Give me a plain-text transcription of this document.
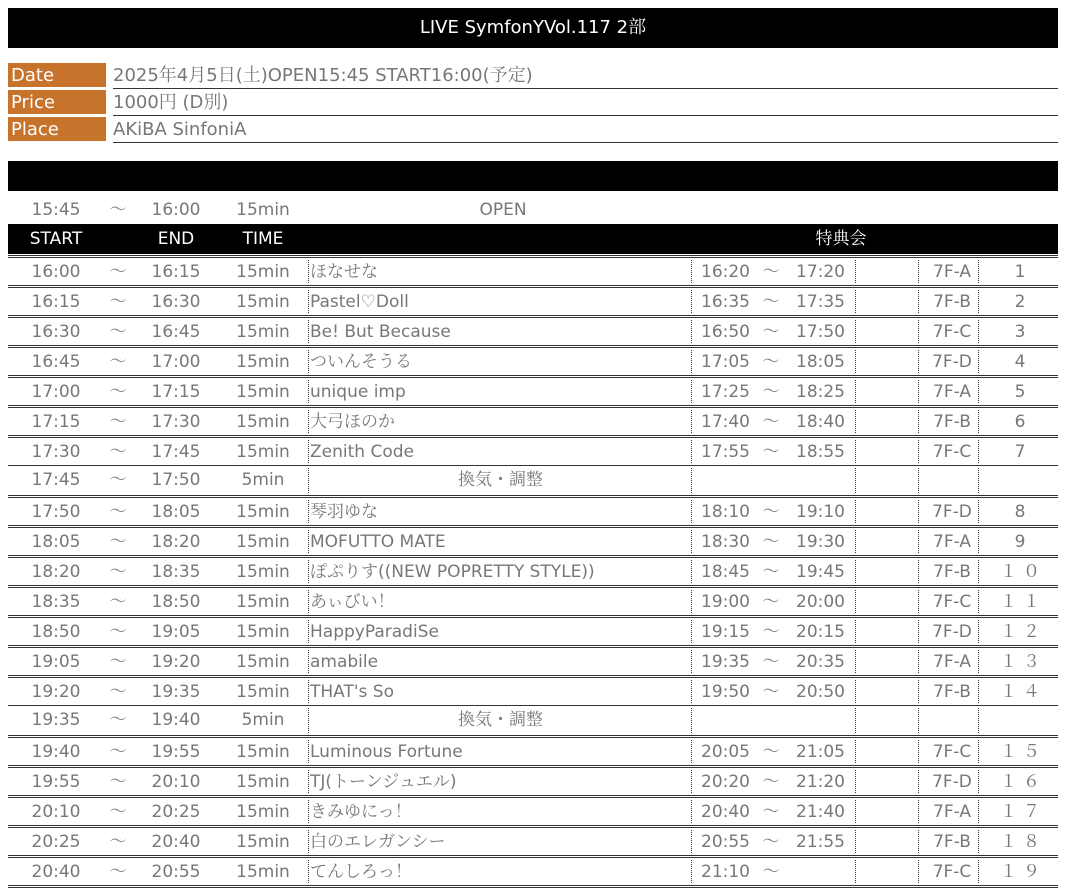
LIVE SymfonYVol.117 2部
Date	2025年4月5日(土)OPEN15:45 START16:00(予定)
Price	1000円 (D別)
Place	AKiBA SinfoniA
15:45	～	16:00	15min	OPEN
START	END	TIME	特典会
16:00	～	16:15	15min	ほなせな	16:20 ～ 17:20	7F-A	1
16:15	～	16:30	15min	Pastel♡Doll	16:35 ～ 17:35	7F-B	2
16:30	～	16:45	15min	Be! But Because	16:50 ～ 17:50	7F-C	3
16:45	～	17:00	15min	ついんそうる	17:05 ～ 18:05	7F-D	4
17:00	～	17:15	15min	unique imp	17:25 ～ 18:25	7F-A	5
17:15	～	17:30	15min	大弓ほのか	17:40 ～ 18:40	7F-B	6
17:30	～	17:45	15min	Zenith Code	17:55 ～ 18:55	7F-C	7
17:45	～	17:50	5min	換気・調整
17:50	～	18:05	15min	琴羽ゆな	18:10 ～ 19:10	7F-D	8
18:05	～	18:20	15min	MOFUTTO MATE	18:30 ～ 19:30	7F-A	9
18:20	～	18:35	15min	ぽぷりす((NEW POPRETTY STYLE))	18:45 ～ 19:45	7F-B	１０
18:35	～	18:50	15min	あぃびい！	19:00 ～ 20:00	7F-C	１１
18:50	～	19:05	15min	HappyParadiSe	19:15 ～ 20:15	7F-D	１２
19:05	～	19:20	15min	amabile	19:35 ～ 20:35	7F-A	１３
19:20	～	19:35	15min	THAT's So	19:50 ～ 20:50	7F-B	１４
19:35	～	19:40	5min	換気・調整
19:40	～	19:55	15min	Luminous Fortune	20:05 ～ 21:05	7F-C	１５
19:55	～	20:10	15min	TJ(トーンジュエル)	20:20 ～ 21:20	7F-D	１６
20:10	～	20:25	15min	きみゆにっ！	20:40 ～ 21:40	7F-A	１７
20:25	～	20:40	15min	白のエレガンシー	20:55 ～ 21:55	7F-B	１８
20:40	～	20:55	15min	てんしろっ！	21:10 ～	7F-C	１９
